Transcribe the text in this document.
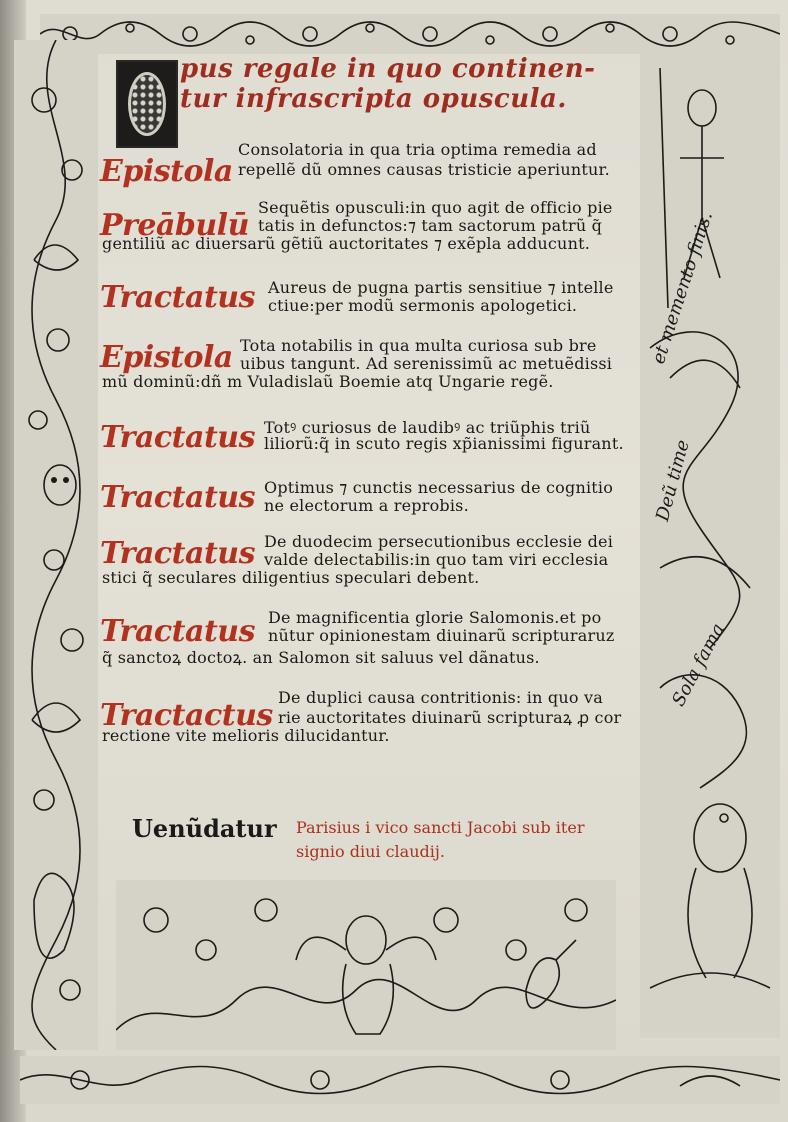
et memento finis.
Deũ time
Sola fama
pus regale in quo continen-
tur infrascripta opuscula.
Epistola
Consolatoria in qua tria optima remedia ad
repellẽ dũ omnes causas tristicie aperiuntur.
Preābulū
Sequẽtis opusculi:in quo agit de officio pie
tatis in defunctos:⁊ tam sactorum patrũ q̃
gentiliũ ac diuersarũ gẽtiũ auctoritates ⁊ exẽpla adducunt.
Tractatus Aureus de pugna partis sensitiue ⁊ intelle
ctiue:per modũ sermonis apologetici.
Epistola Tota notabilis in qua multa curiosa sub bre
uibus tangunt. Ad serenissimũ ac metuẽdissi
mũ dominũ:dñ m Vuladislaũ Boemie atq Ungarie regẽ.
Tractatus Totꝰ curiosus de laudibꝰ ac triũphis triũ
liliorũ:q̃ in scuto regis xp̃ianissimi figurant.
Tractatus Optimus ⁊ cunctis necessarius de cognitio
ne electorum a reprobis.
Tractatus De duodecim persecutionibus ecclesie dei
valde delectabilis:in quo tam viri ecclesia
stici q̃ seculares diligentius speculari debent.
Tractatus De magnificentia glorie Salomonis.et po
nũtur opinionestam diuinarũ scripturaruz
q̃ sanctoꝝ doctoꝝ. an Salomon sit saluus vel dãnatus.
Tractactus
De duplici causa contritionis: in quo va
rie auctoritates diuinarũ scripturaꝝ ꝓ cor
rectione vite melioris dilucidantur.
Uenũdatur Parisius i vico sancti Jacobi sub iter
signio diui claudij.
